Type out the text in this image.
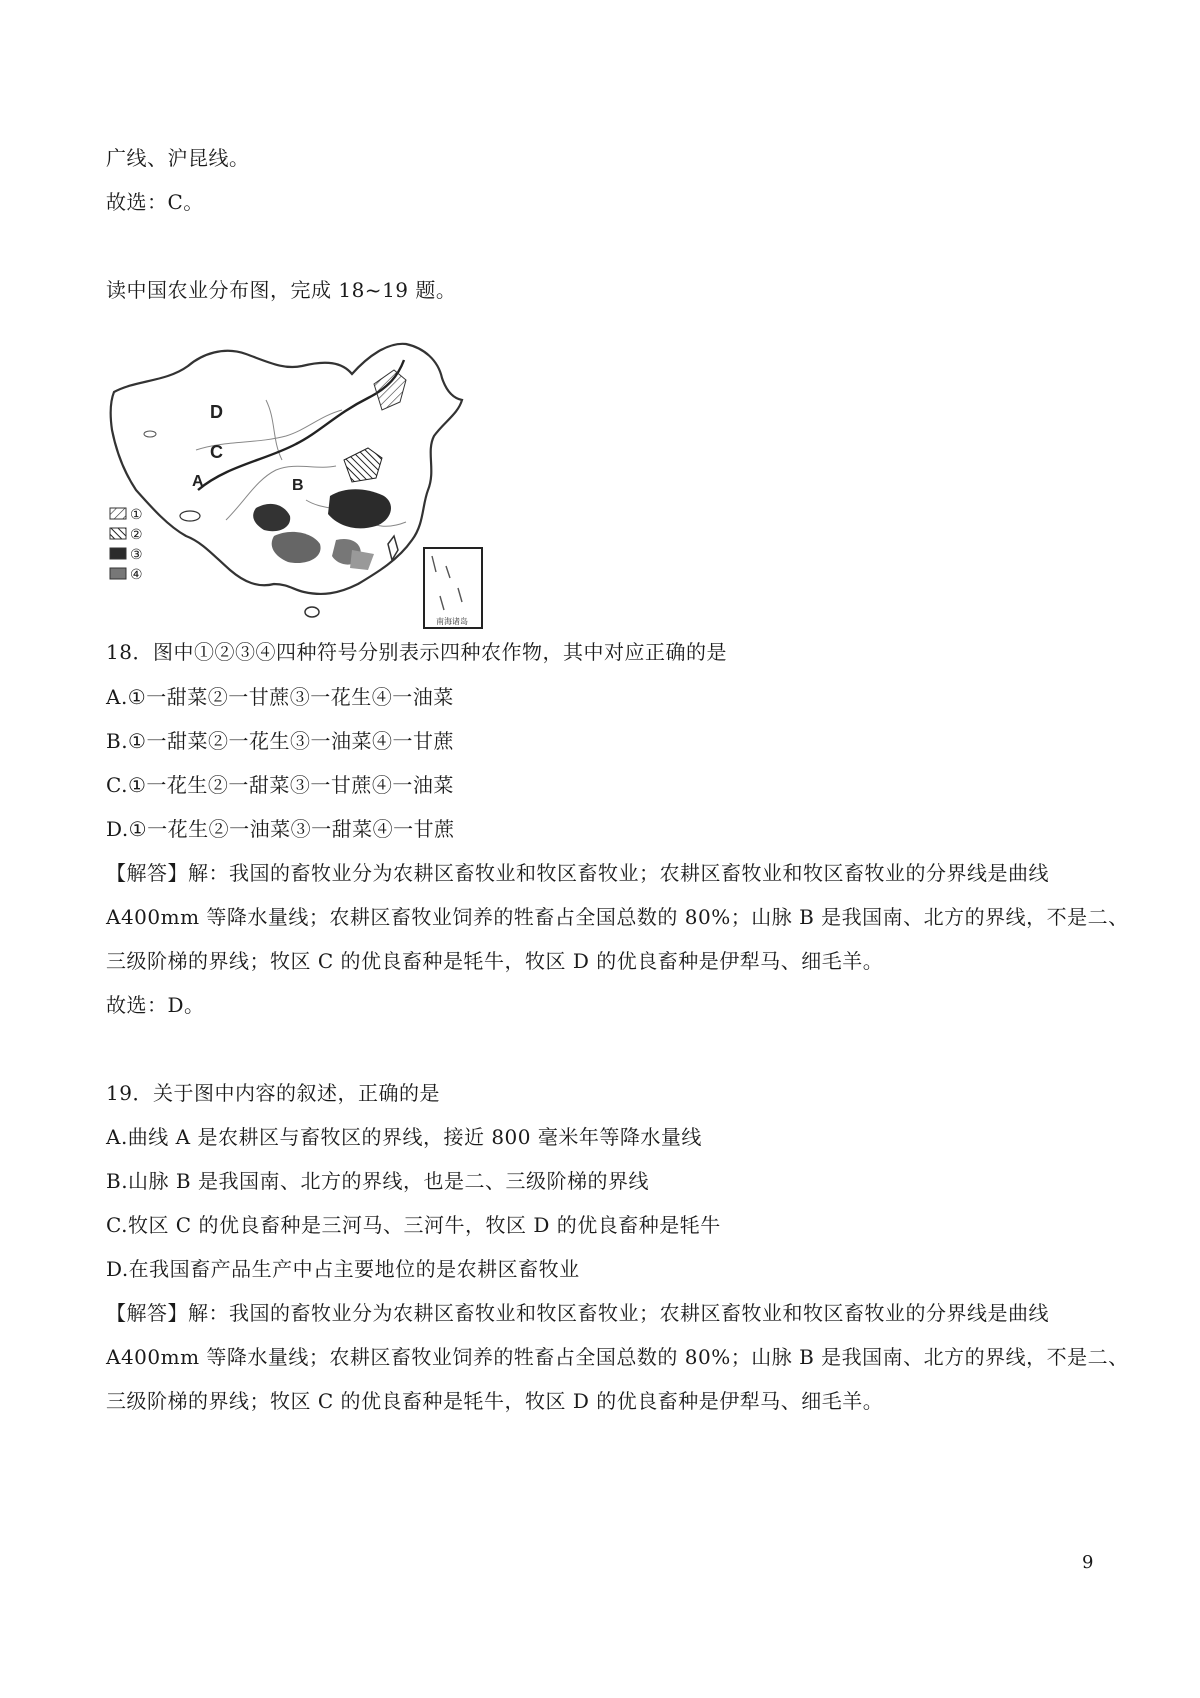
广线、沪昆线。
故选：C。
读中国农业分布图，完成 18~19 题。
D
C
A	B
①
②
③
④
南海诸岛
18．图中①②③④四种符号分别表示四种农作物，其中对应正确的是
A.①一甜菜②一甘蔗③一花生④一油菜
B.①一甜菜②一花生③一油菜④一甘蔗
C.①一花生②一甜菜③一甘蔗④一油菜
D.①一花生②一油菜③一甜菜④一甘蔗
【解答】解：我国的畜牧业分为农耕区畜牧业和牧区畜牧业；农耕区畜牧业和牧区畜牧业的分界线是曲线
A400mm 等降水量线；农耕区畜牧业饲养的牲畜占全国总数的 80%；山脉 B 是我国南、北方的界线，不是二、
三级阶梯的界线；牧区 C 的优良畜种是牦牛，牧区 D 的优良畜种是伊犁马、细毛羊。
故选：D。
19．关于图中内容的叙述，正确的是
A.曲线 A 是农耕区与畜牧区的界线，接近 800 毫米年等降水量线
B.山脉 B 是我国南、北方的界线，也是二、三级阶梯的界线
C.牧区 C 的优良畜种是三河马、三河牛，牧区 D 的优良畜种是牦牛
D.在我国畜产品生产中占主要地位的是农耕区畜牧业
【解答】解：我国的畜牧业分为农耕区畜牧业和牧区畜牧业；农耕区畜牧业和牧区畜牧业的分界线是曲线
A400mm 等降水量线；农耕区畜牧业饲养的牲畜占全国总数的 80%；山脉 B 是我国南、北方的界线，不是二、
三级阶梯的界线；牧区 C 的优良畜种是牦牛，牧区 D 的优良畜种是伊犁马、细毛羊。
9
